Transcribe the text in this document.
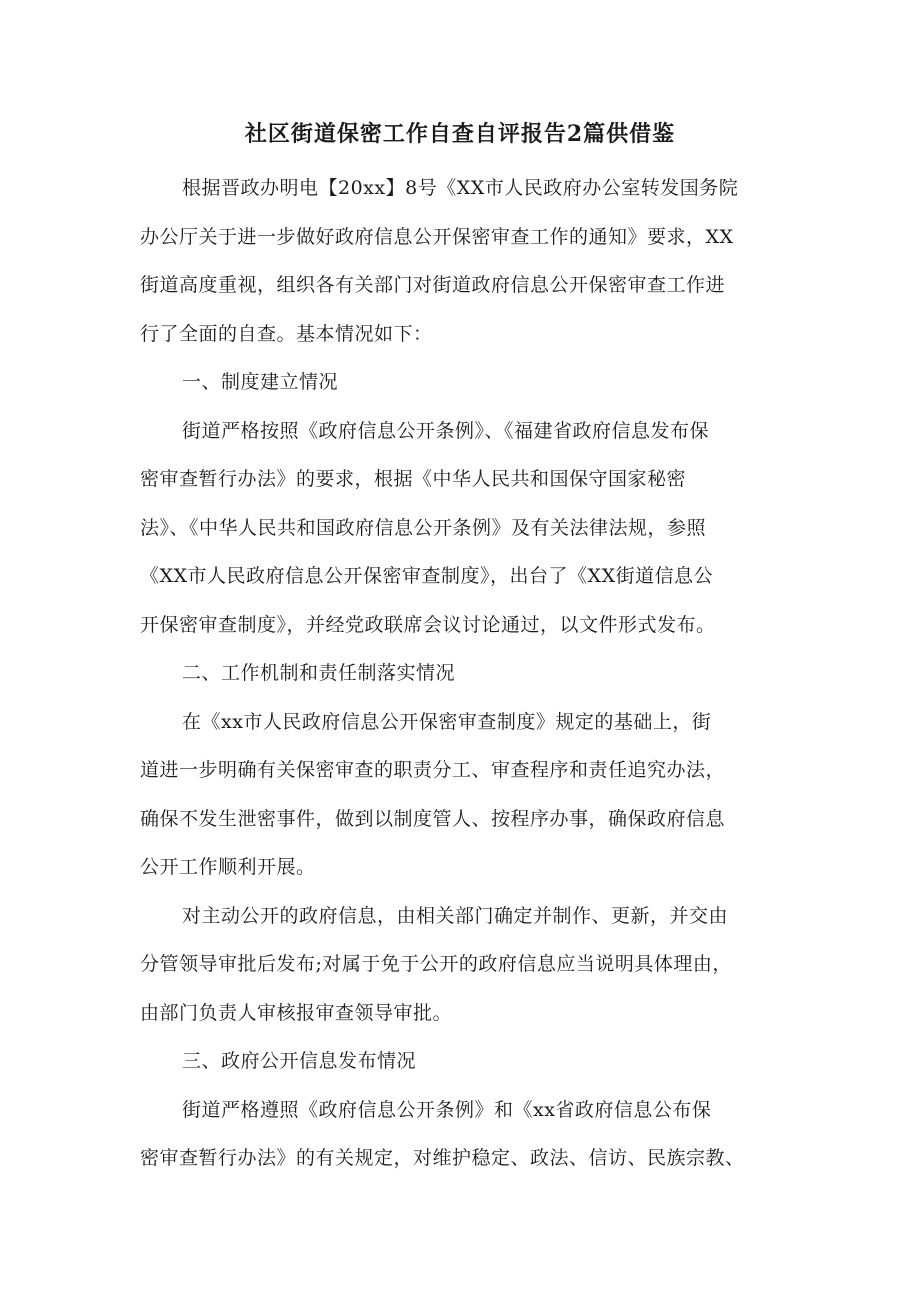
社区街道保密工作自查自评报告2篇供借鉴
根据晋政办明电【20xx】8号《XX市人民政府办公室转发国务院
办公厅关于进一步做好政府信息公开保密审查工作的通知》要求，XX
街道高度重视，组织各有关部门对街道政府信息公开保密审查工作进
行了全面的自查。基本情况如下：
一、制度建立情况
街道严格按照《政府信息公开条例》、《福建省政府信息发布保
密审查暂行办法》的要求，根据《中华人民共和国保守国家秘密
法》、《中华人民共和国政府信息公开条例》及有关法律法规，参照
《XX市人民政府信息公开保密审查制度》，出台了《XX街道信息公
开保密审查制度》，并经党政联席会议讨论通过，以文件形式发布。
二、工作机制和责任制落实情况
在《xx市人民政府信息公开保密审查制度》规定的基础上，街
道进一步明确有关保密审查的职责分工、审查程序和责任追究办法，
确保不发生泄密事件，做到以制度管人、按程序办事，确保政府信息
公开工作顺利开展。
对主动公开的政府信息，由相关部门确定并制作、更新，并交由
分管领导审批后发布;对属于免于公开的政府信息应当说明具体理由，
由部门负责人审核报审查领导审批。
三、政府公开信息发布情况
街道严格遵照《政府信息公开条例》和《xx省政府信息公布保
密审查暂行办法》的有关规定，对维护稳定、政法、信访、民族宗教、
